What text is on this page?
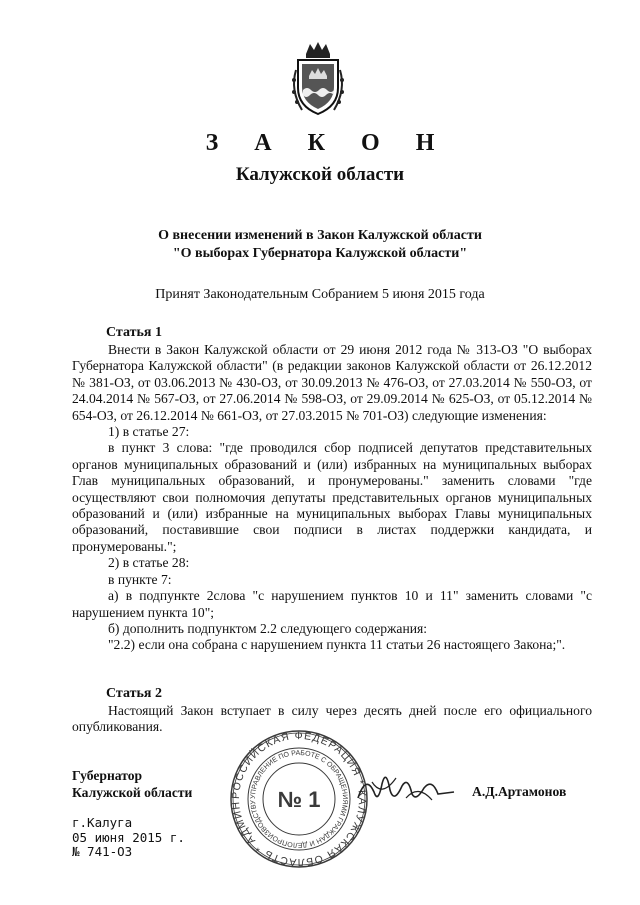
З А К О Н
Калужской области
О внесении изменений в Закон Калужской области
"О выборах Губернатора Калужской области"
Принят Законодательным Собранием 5 июня 2015 года
Статья 1

Внести в Закон Калужской области от 29 июня 2012 года № 313-ОЗ "О выборах Губернатора Калужской области" (в редакции законов Калужской области от 26.12.2012 № 381-ОЗ, от 03.06.2013 № 430-ОЗ, от 30.09.2013 № 476-ОЗ, от 27.03.2014 № 550-ОЗ, от 24.04.2014 № 567-ОЗ, от 27.06.2014 № 598-ОЗ, от 29.09.2014 № 625-ОЗ, от 05.12.2014 № 654-ОЗ, от 26.12.2014 № 661-ОЗ, от 27.03.2015 № 701-ОЗ) следующие изменения:

1) в статье 27:

в пункт 3 слова: "где проводился сбор подписей депутатов представительных органов муниципальных образований и (или) избранных на муниципальных выборах Глав муниципальных образований, и пронумерованы." заменить словами "где осуществляют свои полномочия депутаты представительных органов муниципальных образований и (или) избранные на муниципальных выборах Главы муниципальных образований, поставившие свои подписи в листах поддержки кандидата, и пронумерованы.";

2) в статье 28:

в пункте 7:

а) в подпункте 2слова "с нарушением пунктов 10 и 11" заменить словами "с нарушением пункта 10";

б) дополнить подпунктом 2.2 следующего содержания:

"2.2) если она собрана с нарушением пункта 11 статьи 26 настоящего Закона;".

Статья 2

Настоящий Закон вступает в силу через десять дней после его официального опубликования.

Губернатор
Калужской области	РОССИЙСКАЯ ФЕДЕРАЦИЯ * КАЛУЖСКАЯ ОБЛАСТЬ * АДМИН
УПРАВЛЕНИЕ ПО РАБОТЕ С ОБРАЩЕНИЯМИ ГРАЖДАН И ДЕЛОПРОИЗВОДСТВУ № 1	А.Д.Артамонов
г.Калуга
05 июня 2015 г.
№ 741-ОЗ
